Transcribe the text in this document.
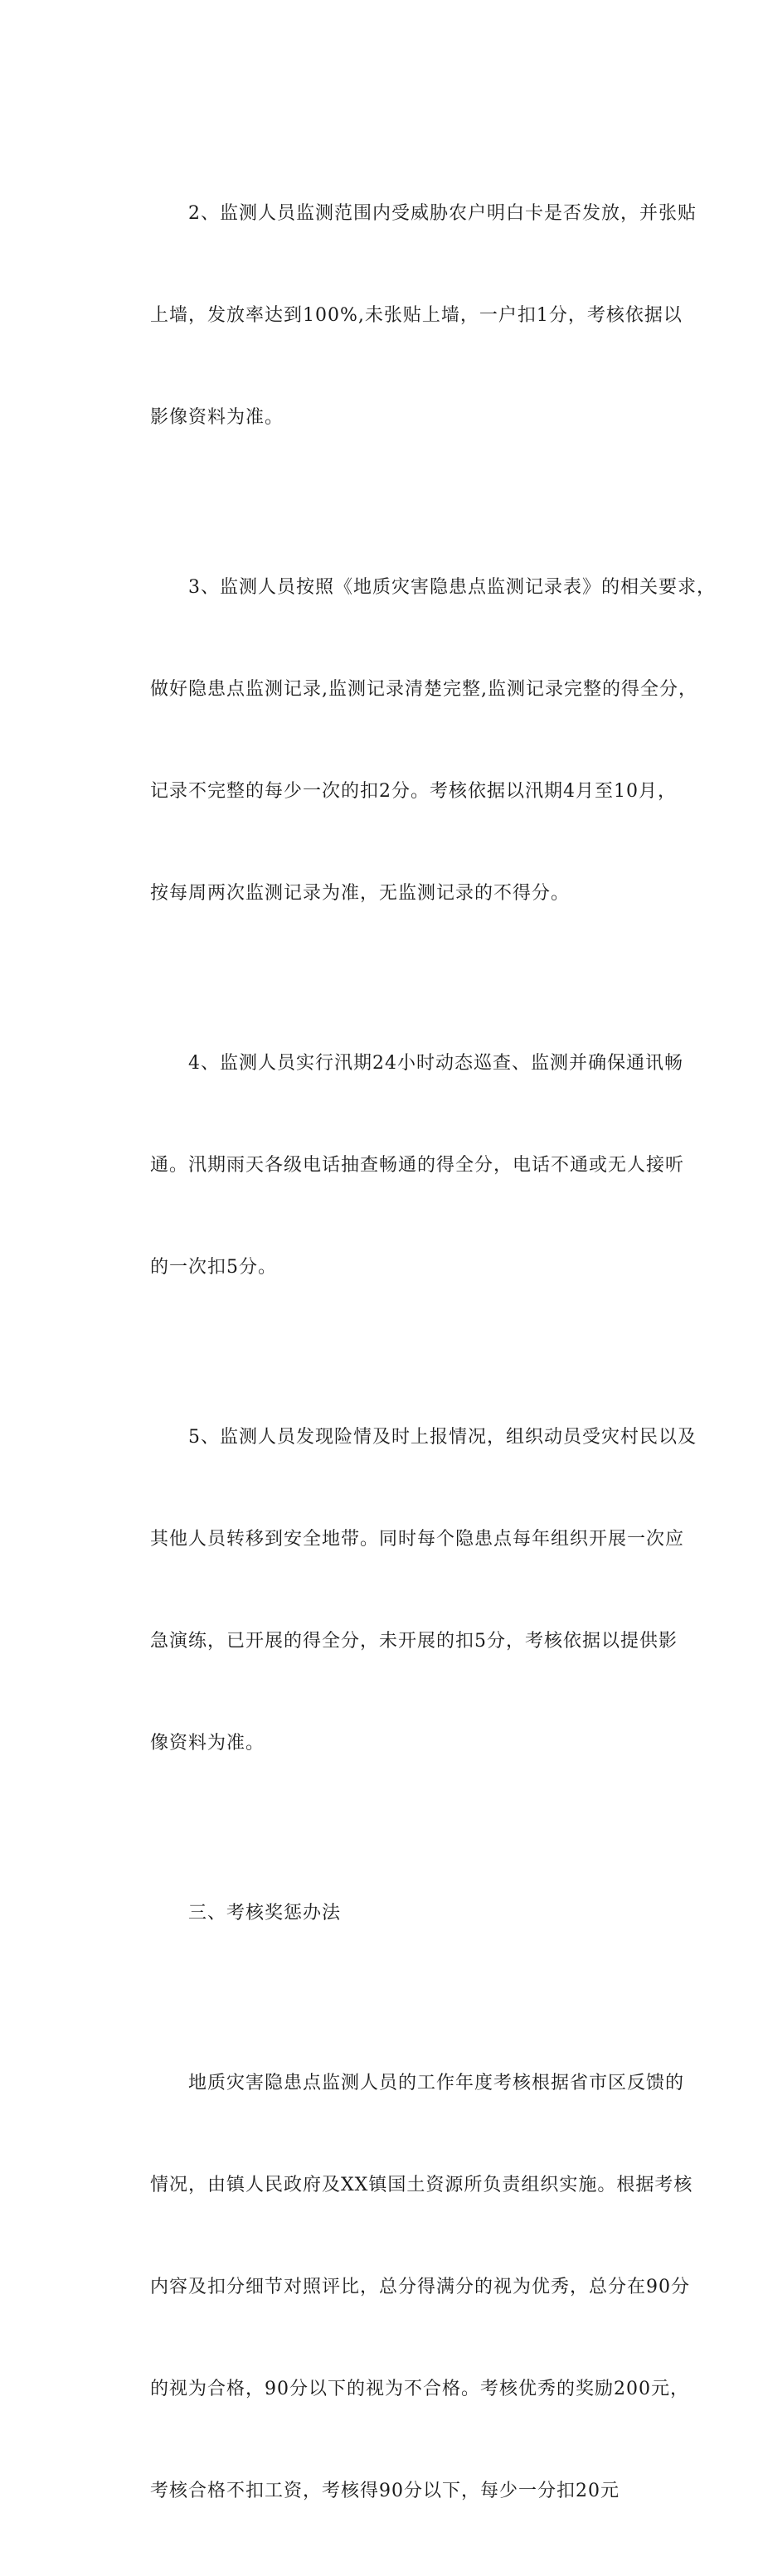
2、监测人员监测范围内受威胁农户明白卡是否发放，并张贴

上墙，发放率达到100%,未张贴上墙，一户扣1分，考核依据以

影像资料为准。

3、监测人员按照《地质灾害隐患点监测记录表》的相关要求，

做好隐患点监测记录,监测记录清楚完整,监测记录完整的得全分，

记录不完整的每少一次的扣2分。考核依据以汛期4月至10月，

按每周两次监测记录为准，无监测记录的不得分。

4、监测人员实行汛期24小时动态巡查、监测并确保通讯畅

通。汛期雨天各级电话抽查畅通的得全分，电话不通或无人接听

的一次扣5分。

5、监测人员发现险情及时上报情况，组织动员受灾村民以及

其他人员转移到安全地带。同时每个隐患点每年组织开展一次应

急演练，已开展的得全分，未开展的扣5分，考核依据以提供影

像资料为准。

三、考核奖惩办法

地质灾害隐患点监测人员的工作年度考核根据省市区反馈的

情况，由镇人民政府及XX镇国土资源所负责组织实施。根据考核

内容及扣分细节对照评比，总分得满分的视为优秀，总分在90分

的视为合格，90分以下的视为不合格。考核优秀的奖励200元，

考核合格不扣工资，考核得90分以下，每少一分扣20元
